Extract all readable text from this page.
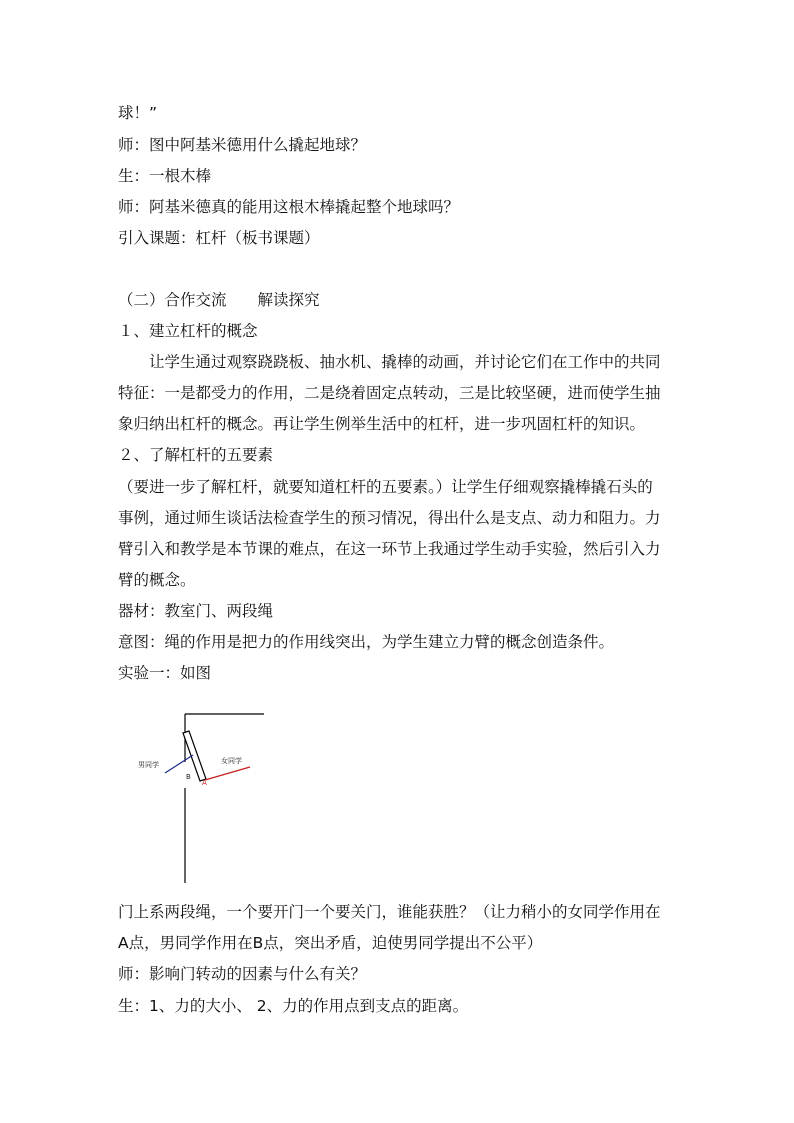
球！”
师：图中阿基米德用什么撬起地球？
生：一根木棒
师：阿基米德真的能用这根木棒撬起整个地球吗？
引入课题：杠杆（板书课题）
（二）合作交流　　解读探究
１、建立杠杆的概念
　　让学生通过观察跷跷板、抽水机、撬棒的动画，并讨论它们在工作中的共同
特征：一是都受力的作用，二是绕着固定点转动，三是比较坚硬，进而使学生抽
象归纳出杠杆的概念。再让学生例举生活中的杠杆，进一步巩固杠杆的知识。
２、了解杠杆的五要素
（要进一步了解杠杆，就要知道杠杆的五要素。）让学生仔细观察撬棒撬石头的
事例，通过师生谈话法检查学生的预习情况，得出什么是支点、动力和阻力。力
臂引入和教学是本节课的难点，在这一环节上我通过学生动手实验，然后引入力
臂的概念。
器材：教室门、两段绳
意图：绳的作用是把力的作用线突出，为学生建立力臂的概念创造条件。
实验一：如图
A
男同学	女同学
B
门上系两段绳，一个要开门一个要关门，谁能获胜？（让力稍小的女同学作用在
A点，男同学作用在B点，突出矛盾，迫使男同学提出不公平）
师：影响门转动的因素与什么有关？
生：1、力的大小、 2、力的作用点到支点的距离。
